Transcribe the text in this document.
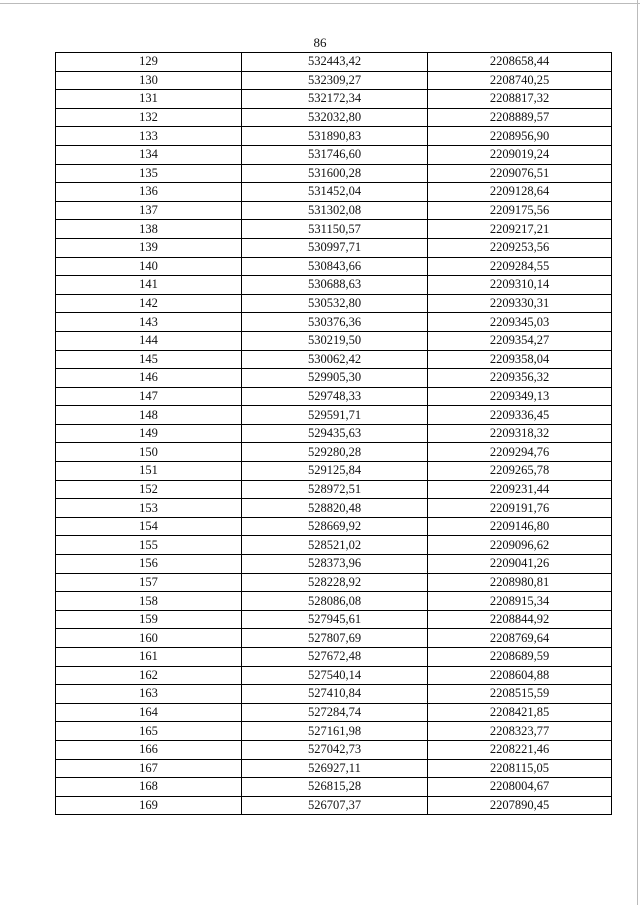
86
129	532443,42	2208658,44
130	532309,27	2208740,25
131	532172,34	2208817,32
132	532032,80	2208889,57
133	531890,83	2208956,90
134	531746,60	2209019,24
135	531600,28	2209076,51
136	531452,04	2209128,64
137	531302,08	2209175,56
138	531150,57	2209217,21
139	530997,71	2209253,56
140	530843,66	2209284,55
141	530688,63	2209310,14
142	530532,80	2209330,31
143	530376,36	2209345,03
144	530219,50	2209354,27
145	530062,42	2209358,04
146	529905,30	2209356,32
147	529748,33	2209349,13
148	529591,71	2209336,45
149	529435,63	2209318,32
150	529280,28	2209294,76
151	529125,84	2209265,78
152	528972,51	2209231,44
153	528820,48	2209191,76
154	528669,92	2209146,80
155	528521,02	2209096,62
156	528373,96	2209041,26
157	528228,92	2208980,81
158	528086,08	2208915,34
159	527945,61	2208844,92
160	527807,69	2208769,64
161	527672,48	2208689,59
162	527540,14	2208604,88
163	527410,84	2208515,59
164	527284,74	2208421,85
165	527161,98	2208323,77
166	527042,73	2208221,46
167	526927,11	2208115,05
168	526815,28	2208004,67
169	526707,37	2207890,45
